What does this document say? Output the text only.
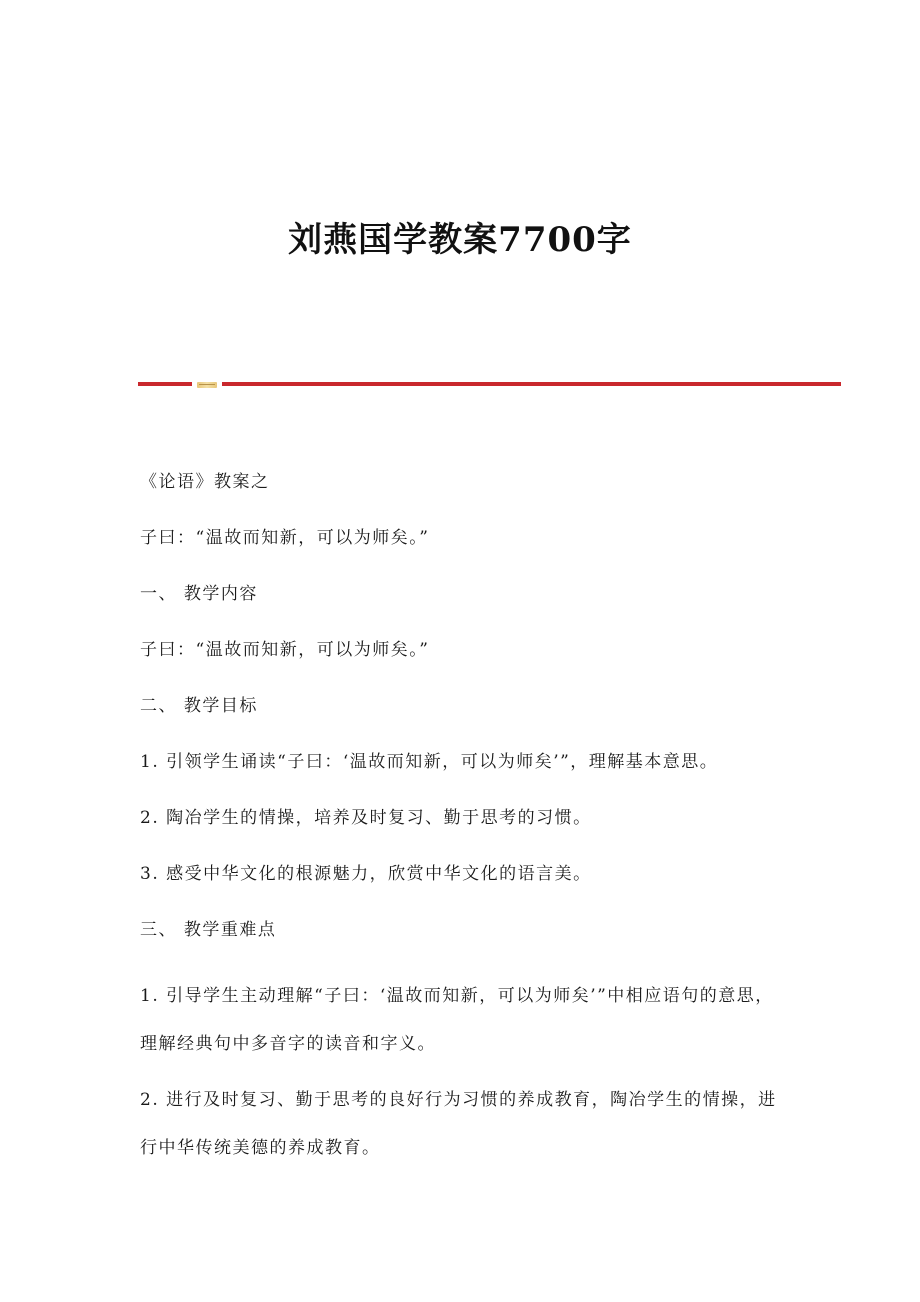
刘燕国学教案7700字

《论语》教案之

子曰：“温故而知新，可以为师矣。”

一、 教学内容

子曰：“温故而知新，可以为师矣。”

二、 教学目标

1. 引领学生诵读“子曰：‘温故而知新，可以为师矣’”，理解基本意思。

2. 陶冶学生的情操，培养及时复习、勤于思考的习惯。

3. 感受中华文化的根源魅力，欣赏中华文化的语言美。

三、 教学重难点

1. 引导学生主动理解“子曰：‘温故而知新，可以为师矣’”中相应语句的意思，理解经典句中多音字的读音和字义。

2. 进行及时复习、勤于思考的良好行为习惯的养成教育，陶冶学生的情操，进行中华传统美德的养成教育。
